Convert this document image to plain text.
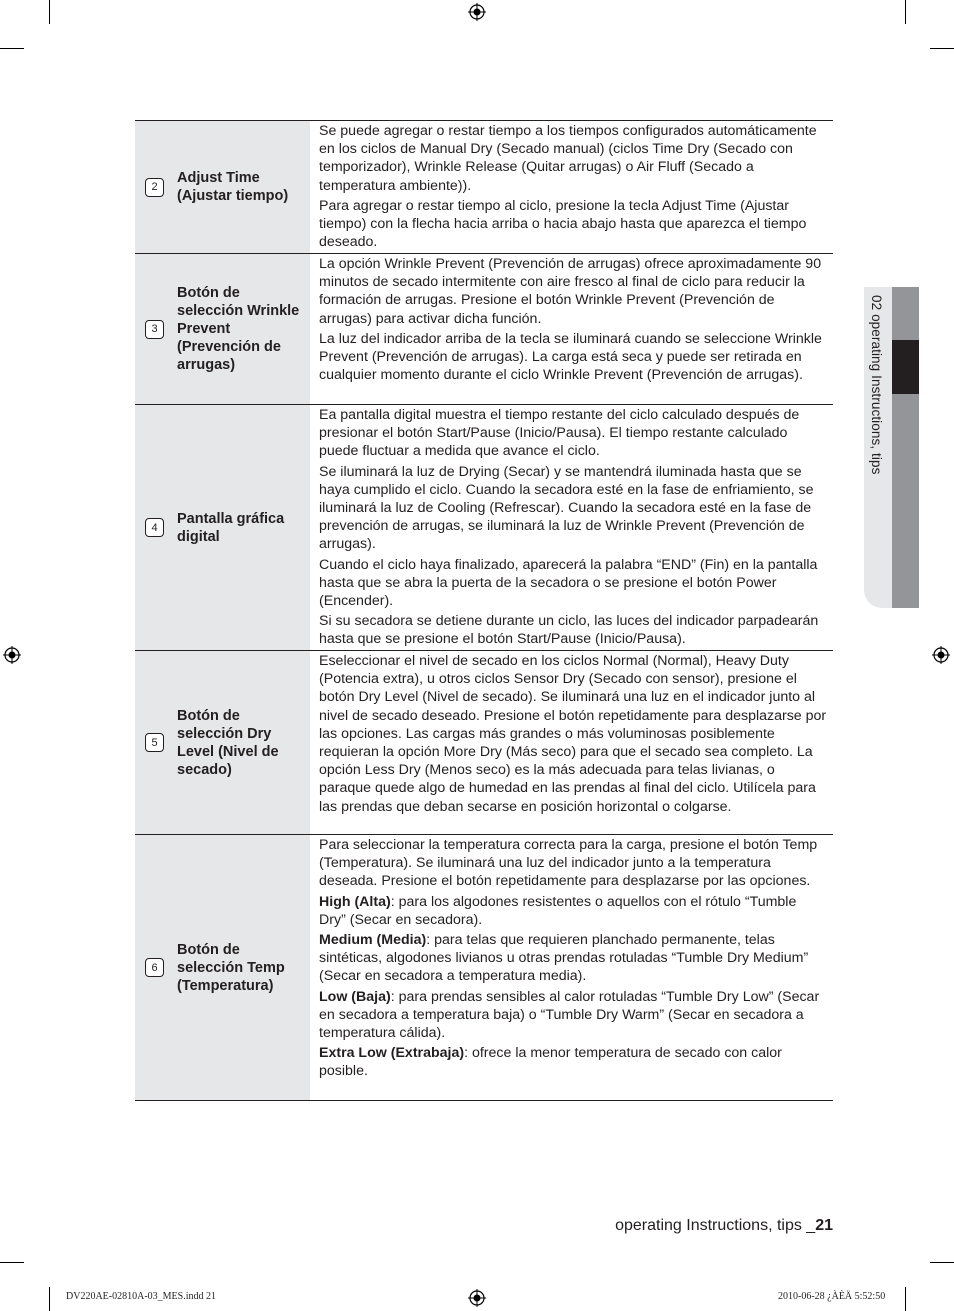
2
Adjust Time (Ajustar tiempo)

Se puede agregar o restar tiempo a los tiempos configurados automáticamente en los ciclos de Manual Dry (Secado manual) (ciclos Time Dry (Secado con temporizador), Wrinkle Release (Quitar arrugas) o Air Fluff (Secado a temperatura ambiente)).

Para agregar o restar tiempo al ciclo, presione la tecla Adjust Time (Ajustar tiempo) con la flecha hacia arriba o hacia abajo hasta que aparezca el tiempo deseado.

3
Botón de selección Wrinkle Prevent (Prevención de arrugas)

La opción Wrinkle Prevent (Prevención de arrugas) ofrece aproximadamente 90 minutos de secado intermitente con aire fresco al final de ciclo para reducir la formación de arrugas. Presione el botón Wrinkle Prevent (Prevención de arrugas) para activar dicha función.

La luz del indicador arriba de la tecla se iluminará cuando se seleccione Wrinkle Prevent (Prevención de arrugas). La carga está seca y puede ser retirada en cualquier momento durante el ciclo Wrinkle Prevent (Prevención de arrugas).

4
Pantalla gráfica digital

Ea pantalla digital muestra el tiempo restante del ciclo calculado después de presionar el botón Start/Pause (Inicio/Pausa). El tiempo restante calculado puede fluctuar a medida que avance el ciclo.

Se iluminará la luz de Drying (Secar) y se mantendrá iluminada hasta que se haya cumplido el ciclo. Cuando la secadora esté en la fase de enfriamiento, se iluminará la luz de Cooling (Refrescar). Cuando la secadora esté en la fase de prevención de arrugas, se iluminará la luz de Wrinkle Prevent (Prevención de arrugas).

Cuando el ciclo haya finalizado, aparecerá la palabra “END” (Fin) en la pantalla hasta que se abra la puerta de la secadora o se presione el botón Power (Encender).

Si su secadora se detiene durante un ciclo, las luces del indicador parpadearán hasta que se presione el botón Start/Pause (Inicio/Pausa).

5
Botón de selección Dry Level (Nivel de secado)

Eseleccionar el nivel de secado en los ciclos Normal (Normal), Heavy Duty (Potencia extra), u otros ciclos Sensor Dry (Secado con sensor), presione el botón Dry Level (Nivel de secado). Se iluminará una luz en el indicador junto al nivel de secado deseado. Presione el botón repetidamente para desplazarse por las opciones. Las cargas más grandes o más voluminosas posiblemente requieran la opción More Dry (Más seco) para que el secado sea completo. La opción Less Dry (Menos seco) es la más adecuada para telas livianas, o paraque quede algo de humedad en las prendas al final del ciclo. Utilícela para las prendas que deban secarse en posición horizontal o colgarse.

6
Botón de selección Temp (Temperatura)

Para seleccionar la temperatura correcta para la carga, presione el botón Temp (Temperatura). Se iluminará una luz del indicador junto a la temperatura deseada. Presione el botón repetidamente para desplazarse por las opciones.

High (Alta): para los algodones resistentes o aquellos con el rótulo “Tumble Dry” (Secar en secadora).

Medium (Media): para telas que requieren planchado permanente, telas sintéticas, algodones livianos u otras prendas rotuladas “Tumble Dry Medium” (Secar en secadora a temperatura media).

Low (Baja): para prendas sensibles al calor rotuladas “Tumble Dry Low” (Secar en secadora a temperatura baja) o “Tumble Dry Warm” (Secar en secadora a temperatura cálida).

Extra Low (Extrabaja): ofrece la menor temperatura de secado con calor posible.

02 operating Instructions, tips
operating Instructions, tips _21
DV220AE-02810A-03_MES.indd 21	2010-06-28 ¿ÀÈÄ 5:52:50
